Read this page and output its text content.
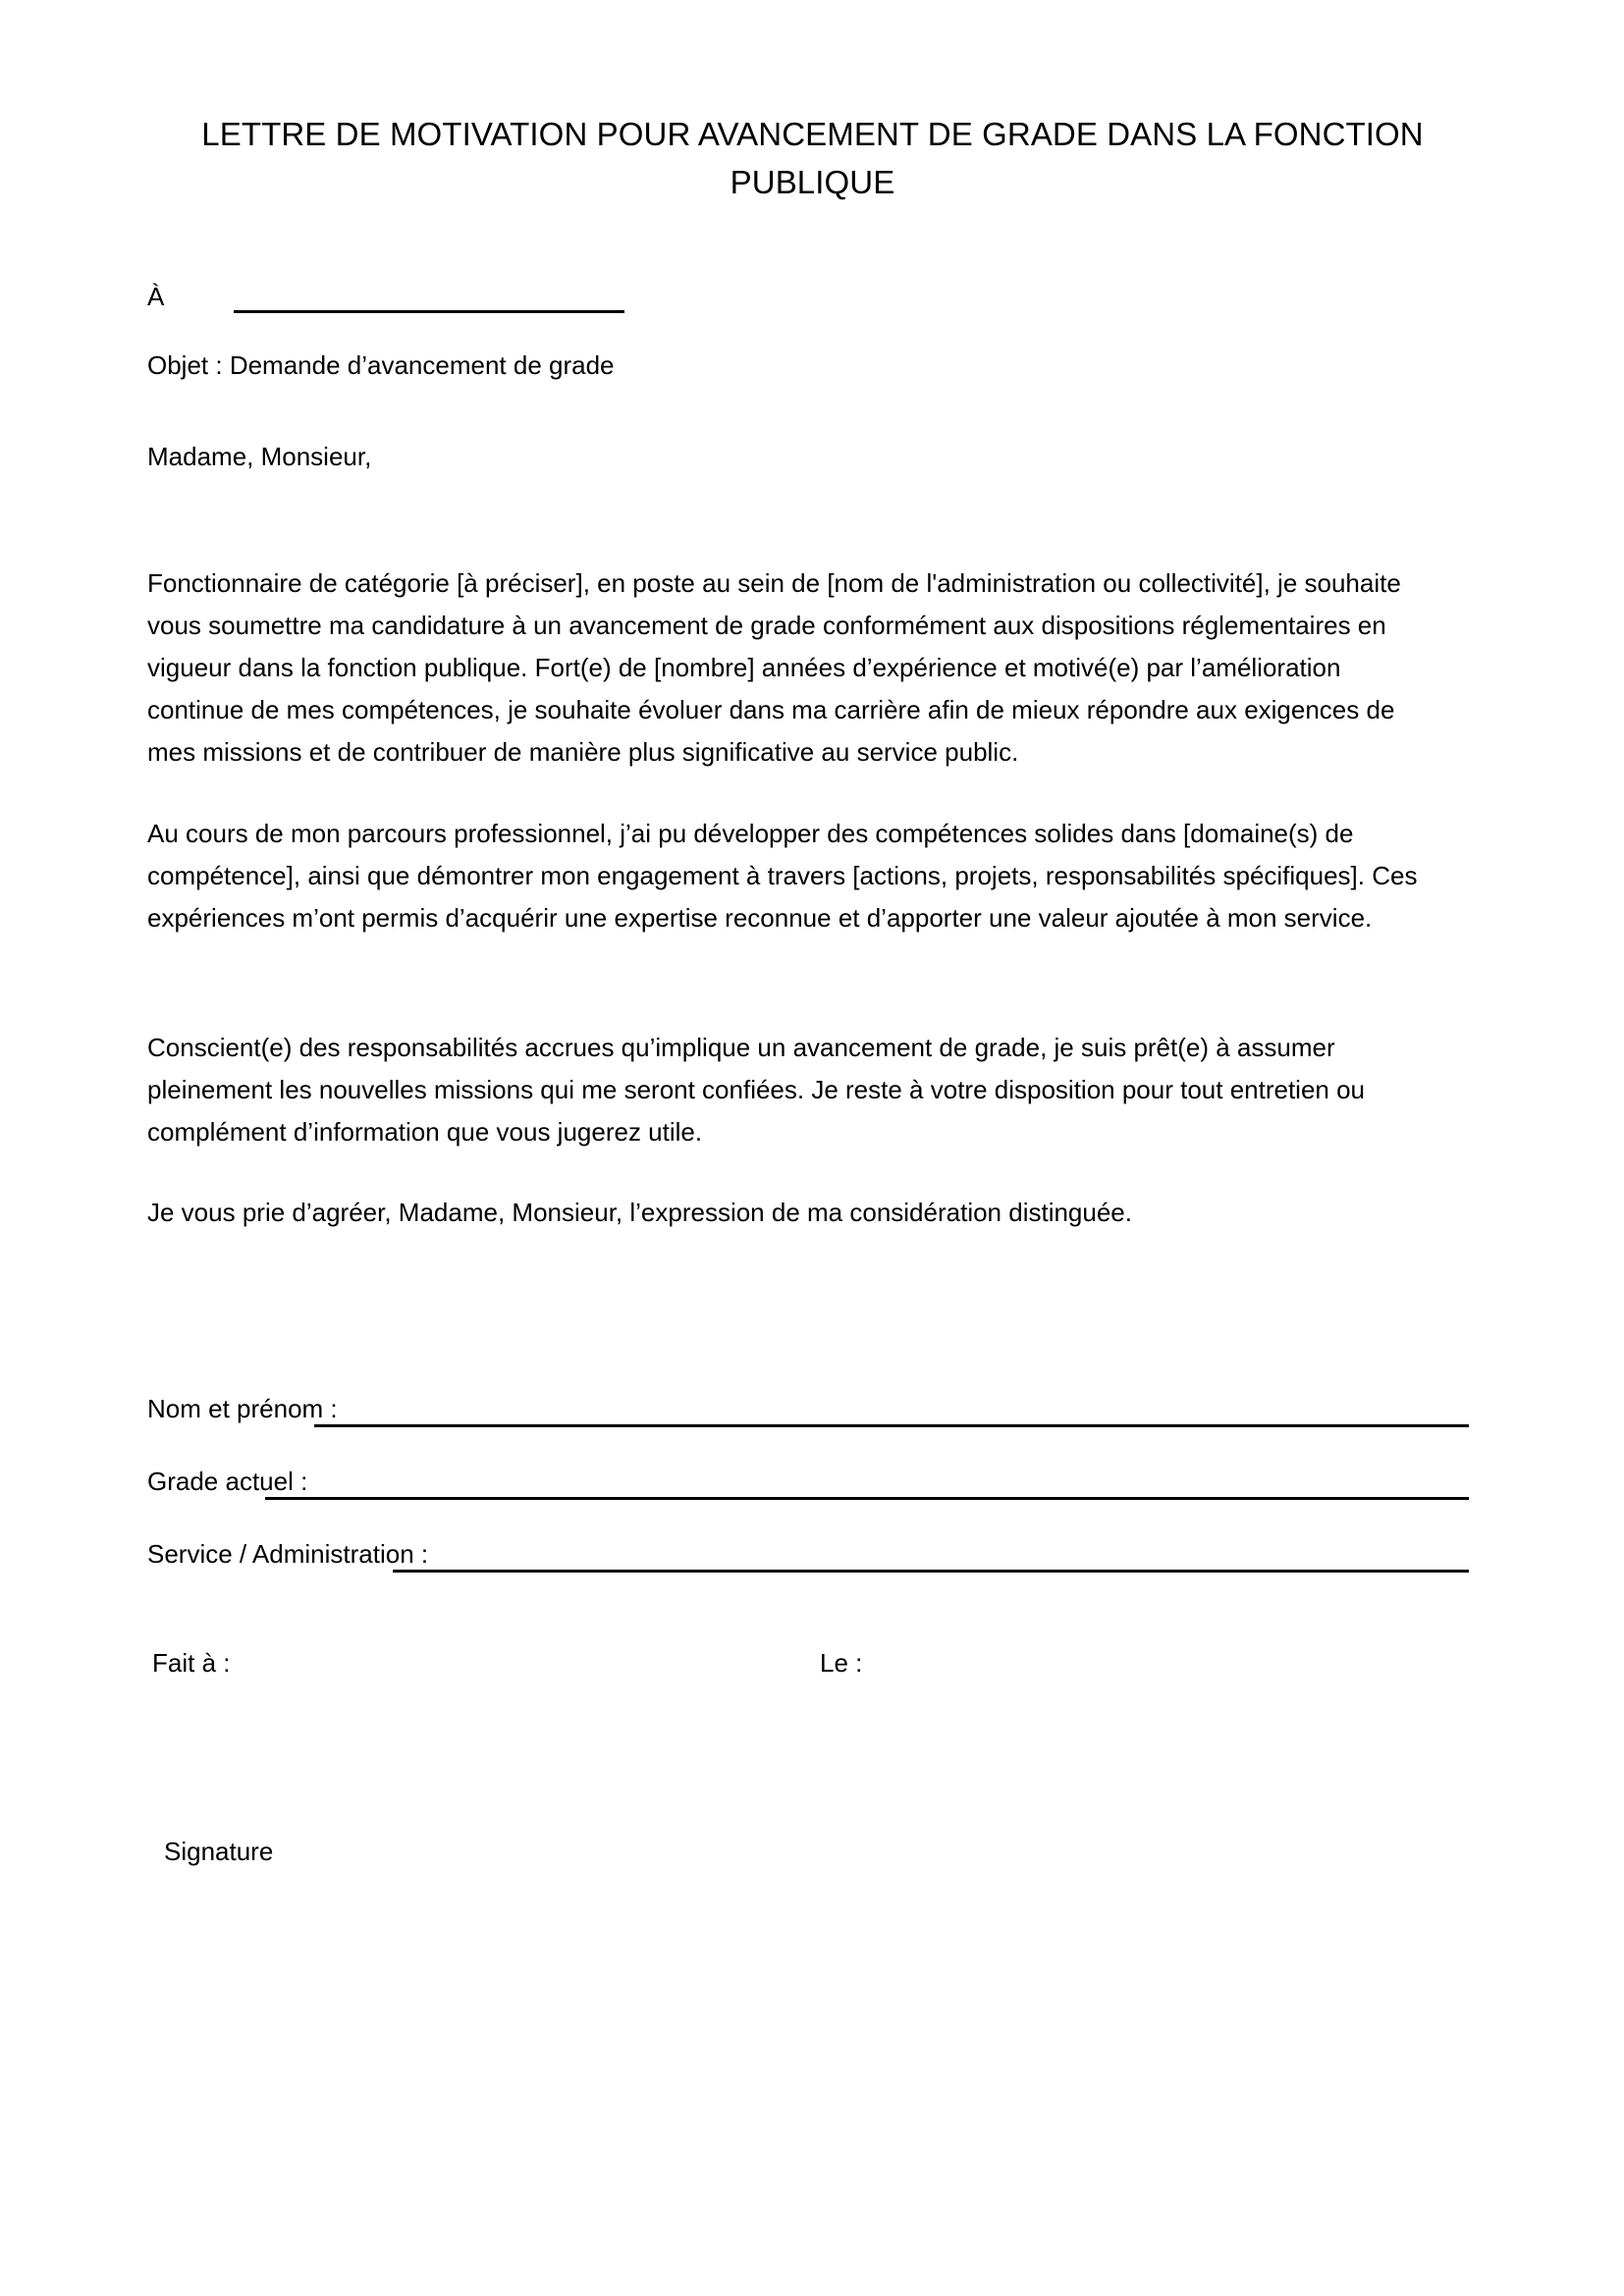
LETTRE DE MOTIVATION POUR AVANCEMENT DE GRADE DANS LA FONCTION PUBLIQUE
À
Objet : Demande d’avancement de grade
Madame, Monsieur,

Fonctionnaire de catégorie [à préciser], en poste au sein de [nom de l'administration ou collectivité], je souhaite vous soumettre ma candidature à un avancement de grade conformément aux dispositions réglementaires en vigueur dans la fonction publique. Fort(e) de [nombre] années d’expérience et motivé(e) par l’amélioration continue de mes compétences, je souhaite évoluer dans ma carrière afin de mieux répondre aux exigences de mes missions et de contribuer de manière plus significative au service public.

Au cours de mon parcours professionnel, j’ai pu développer des compétences solides dans [domaine(s) de compétence], ainsi que démontrer mon engagement à travers [actions, projets, responsabilités spécifiques]. Ces expériences m’ont permis d’acquérir une expertise reconnue et d’apporter une valeur ajoutée à mon service.

Conscient(e) des responsabilités accrues qu’implique un avancement de grade, je suis prêt(e) à assumer pleinement les nouvelles missions qui me seront confiées. Je reste à votre disposition pour tout entretien ou complément d’information que vous jugerez utile.

Je vous prie d’agréer, Madame, Monsieur, l’expression de ma considération distinguée.
Nom et prénom :
Grade actuel :
Service / Administration :
Fait à :	Le :
Signature
